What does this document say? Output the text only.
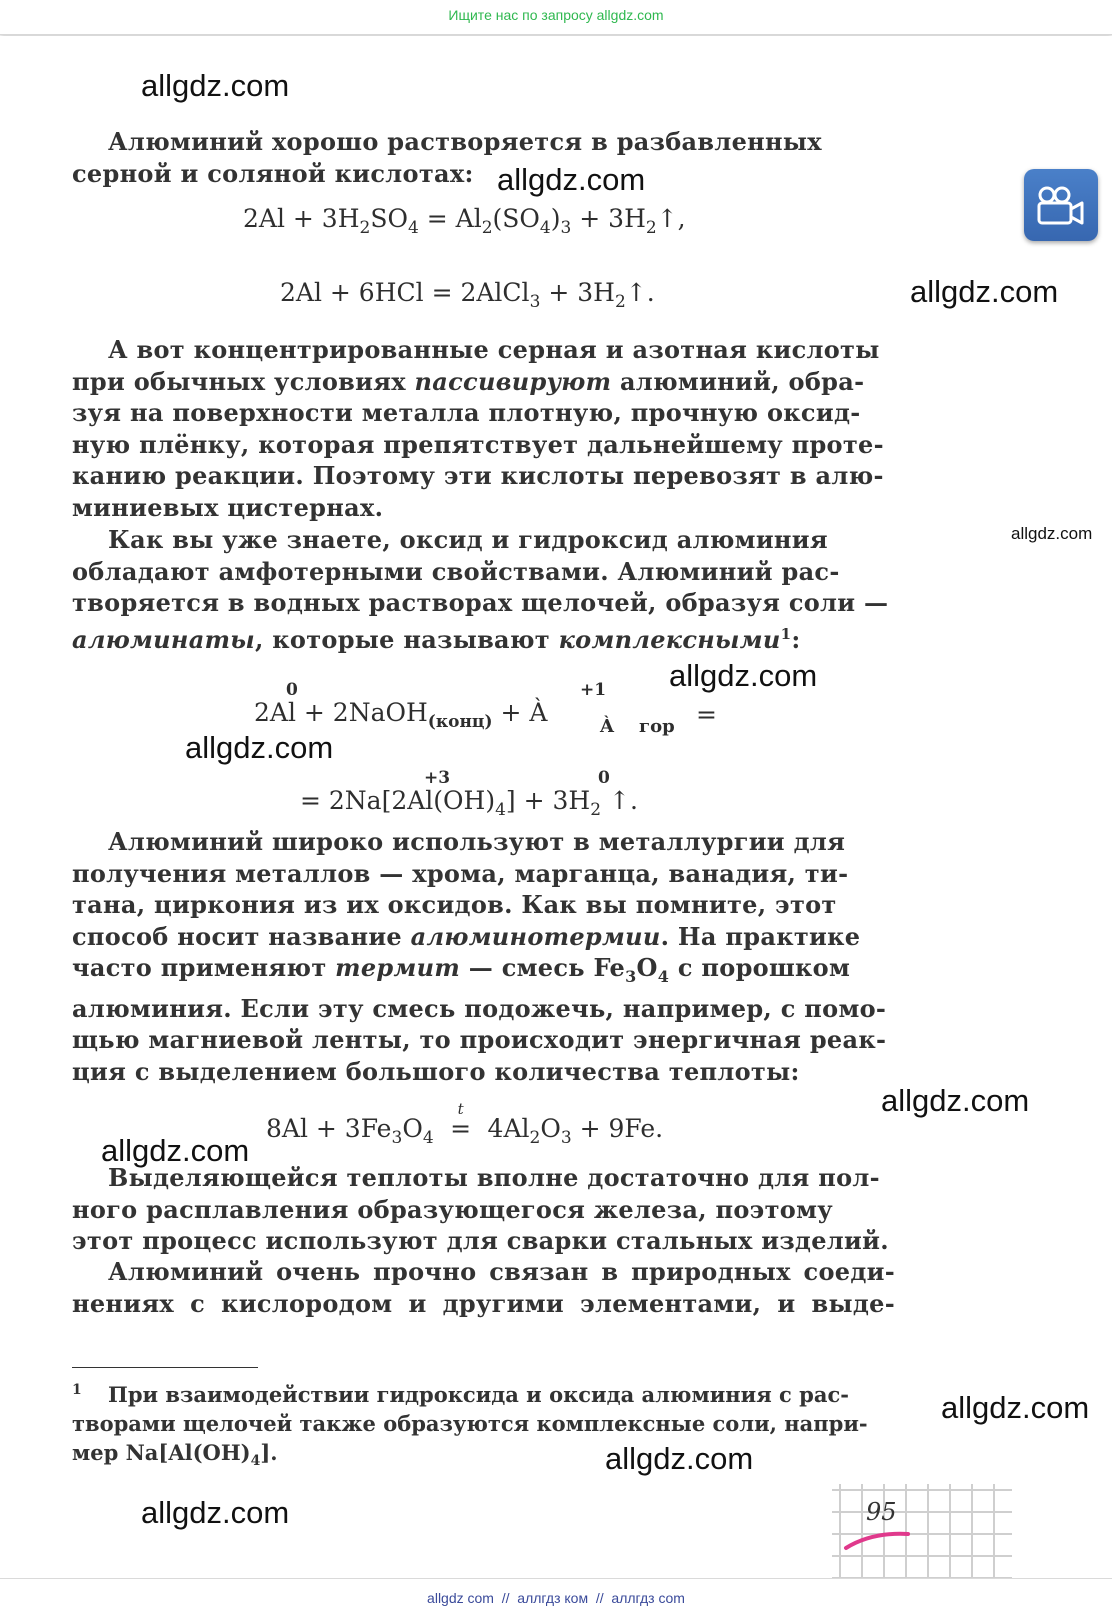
Ищите нас по запросу allgdz.com
allgdz.com
allgdz.com
allgdz.com
allgdz.com
allgdz.com
allgdz.com
allgdz.com
allgdz.com
allgdz.com
allgdz.com
allgdz.com

Алюминий хорошо растворяется в разбавленных
серной и соляной кислотах:

$2Al + 3H_2SO_4 = Al_2(SO_4)_3$ + $3H_2↑$,
2Al + 6HCl = 2AlCl$_3$ + $3H_2↑$.

А вот концентрированные серная и азотная кислоты
при обычных условиях пассивируют алюминий, обра-
зуя на поверхности металла плотную, прочную оксид-
ную плёнку, которая препятствует дальнейшему проте-
канию реакции. Поэтому эти кислоты перевозят в алю-
миниевых цистернах.

Как вы уже знаете, оксид и гидроксид алюминия
обладают амфотерными свойствами. Алюминий рас-
творяется в водных растворах щелочей, образуя соли —
алюминаты, которые называют комплексными$^1$:

0	+1
2Al + 2NaOH$_{(конц)}$ + À	À гор =
+3	0
= $2Na[2Al(OH)_4] + 3H_2$ ↑.

Алюминий широко используют в металлургии для
получения металлов — хрома, марганца, ванадия, ти-
тана, циркония из их оксидов. Как вы помните, этот
способ носит название алюминотермии. На практике
часто применяют термит — смесь $Fe_3O_4$ с порошком
алюминия. Если эту смесь подожечь, например, с помо-
щью магниевой ленты, то происходит энергичная реак-
ция с выделением большого количества теплоты:

$8Al + 3Fe_3O_4$
t
= $4Al_2O_3 + 9Fe$.

Выделяющейся теплоты вполне достаточно для пол-
ного расплавления образующегося железа, поэтому
этот процесс используют для сварки стальных изделий.

Алюминий очень прочно связан в природных соеди-
нениях с кислородом и другими элементами, и выде-

$^1$ При взаимодействии гидроксида и оксида алюминия с рас-
творами щелочей также образуются комплексные соли, напри-
мер $Na[Al(OH)_4]$.

95
allgdz com  //  аллгдз ком  //  аллгдз com
